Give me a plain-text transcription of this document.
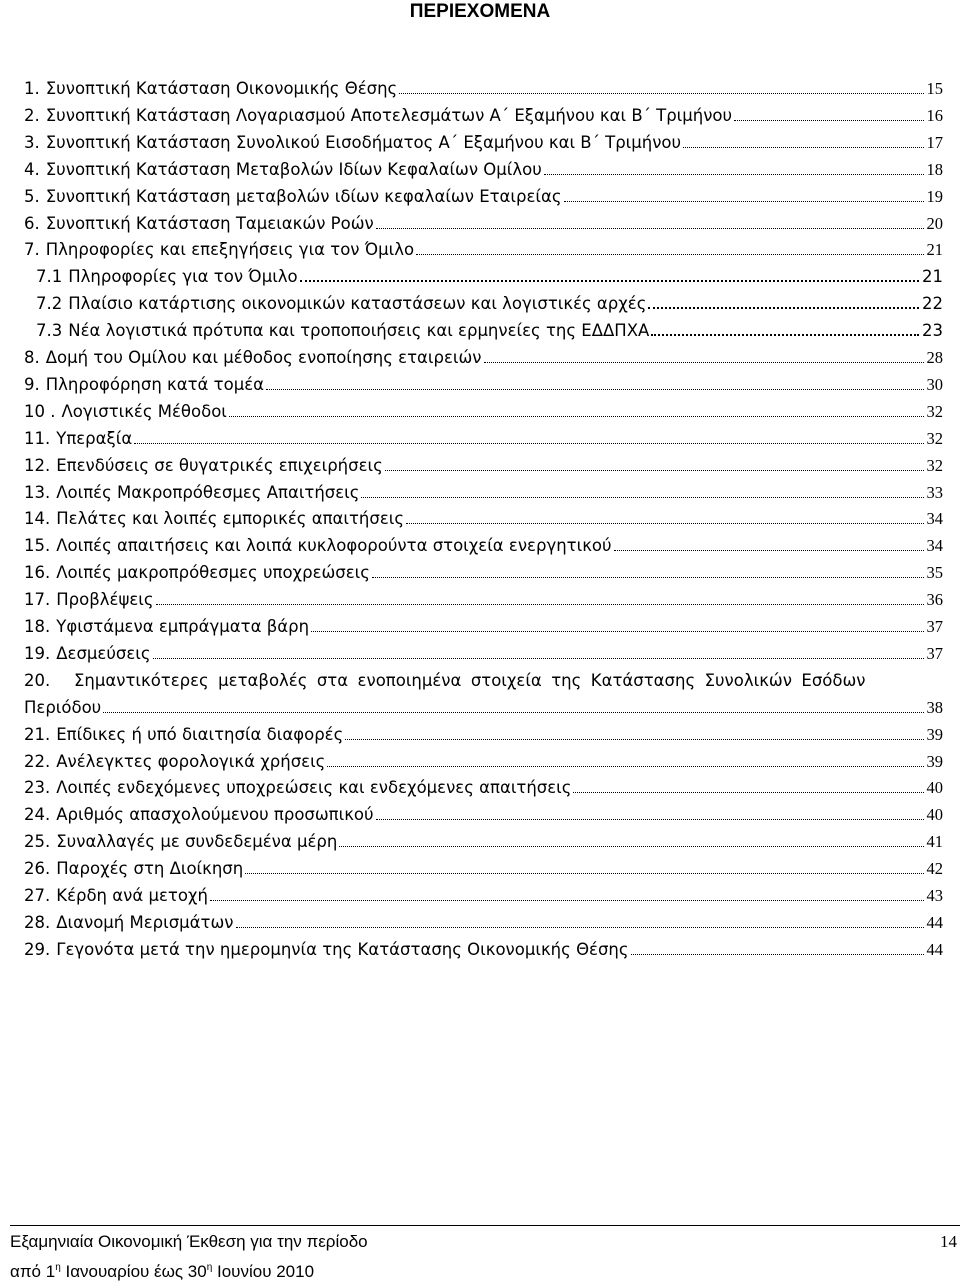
ΠΕΡΙΕΧΟΜΕΝΑ
1. Συνοπτική Κατάσταση Οικονομικής Θέσης	15
2. Συνοπτική Κατάσταση Λογαριασμού Αποτελεσμάτων Α΄ Εξαμήνου και Β΄ Τριμήνου	16
3. Συνοπτική Κατάσταση Συνολικού Εισοδήματος Α΄ Εξαμήνου και Β΄ Τριμήνου	17
4. Συνοπτική Κατάσταση Μεταβολών Ιδίων Κεφαλαίων Ομίλου	18
5. Συνοπτική Κατάσταση μεταβολών ιδίων κεφαλαίων Εταιρείας	19
6. Συνοπτική Κατάσταση Ταμειακών Ροών	20
7. Πληροφορίες και επεξηγήσεις για τον Όμιλο	21
7.1 Πληροφορίες για τον Όμιλο	21
7.2 Πλαίσιο κατάρτισης οικονομικών καταστάσεων και λογιστικές αρχές	22
7.3 Νέα λογιστικά πρότυπα και τροποποιήσεις και ερμηνείες της ΕΔΔΠΧΑ	23
8. Δομή του Ομίλου και μέθοδος ενοποίησης εταιρειών	28
9. Πληροφόρηση κατά τομέα	30
10 . Λογιστικές Μέθοδοι	32
11. Υπεραξία	32
12. Επενδύσεις σε θυγατρικές επιχειρήσεις	32
13. Λοιπές Μακροπρόθεσμες Απαιτήσεις	33
14. Πελάτες και λοιπές εμπορικές απαιτήσεις	34
15. Λοιπές απαιτήσεις και λοιπά κυκλοφορούντα στοιχεία ενεργητικού	34
16. Λοιπές μακροπρόθεσμες υποχρεώσεις	35
17. Προβλέψεις	36
18. Υφιστάμενα εμπράγματα βάρη	37
19. Δεσμεύσεις	37
20. Σημαντικότερες μεταβολές στα ενοποιημένα στοιχεία της Κατάστασης Συνολικών Εσόδων
Περιόδου	38
21. Επίδικες ή υπό διαιτησία διαφορές	39
22. Ανέλεγκτες φορολογικά χρήσεις	39
23. Λοιπές ενδεχόμενες υποχρεώσεις και ενδεχόμενες απαιτήσεις	40
24. Αριθμός απασχολούμενου προσωπικού	40
25. Συναλλαγές με συνδεδεμένα μέρη	41
26. Παροχές στη Διοίκηση	42
27. Κέρδη ανά μετοχή	43
28. Διανομή Μερισμάτων	44
29. Γεγονότα μετά την ημερομηνία της Κατάστασης Οικονομικής Θέσης	44
Εξαμηνιαία Οικονομική Έκθεση για την περίοδο
από $1^\eta$ Ιανουαρίου έως $30^\eta$ Ιουνίου 2010
14
